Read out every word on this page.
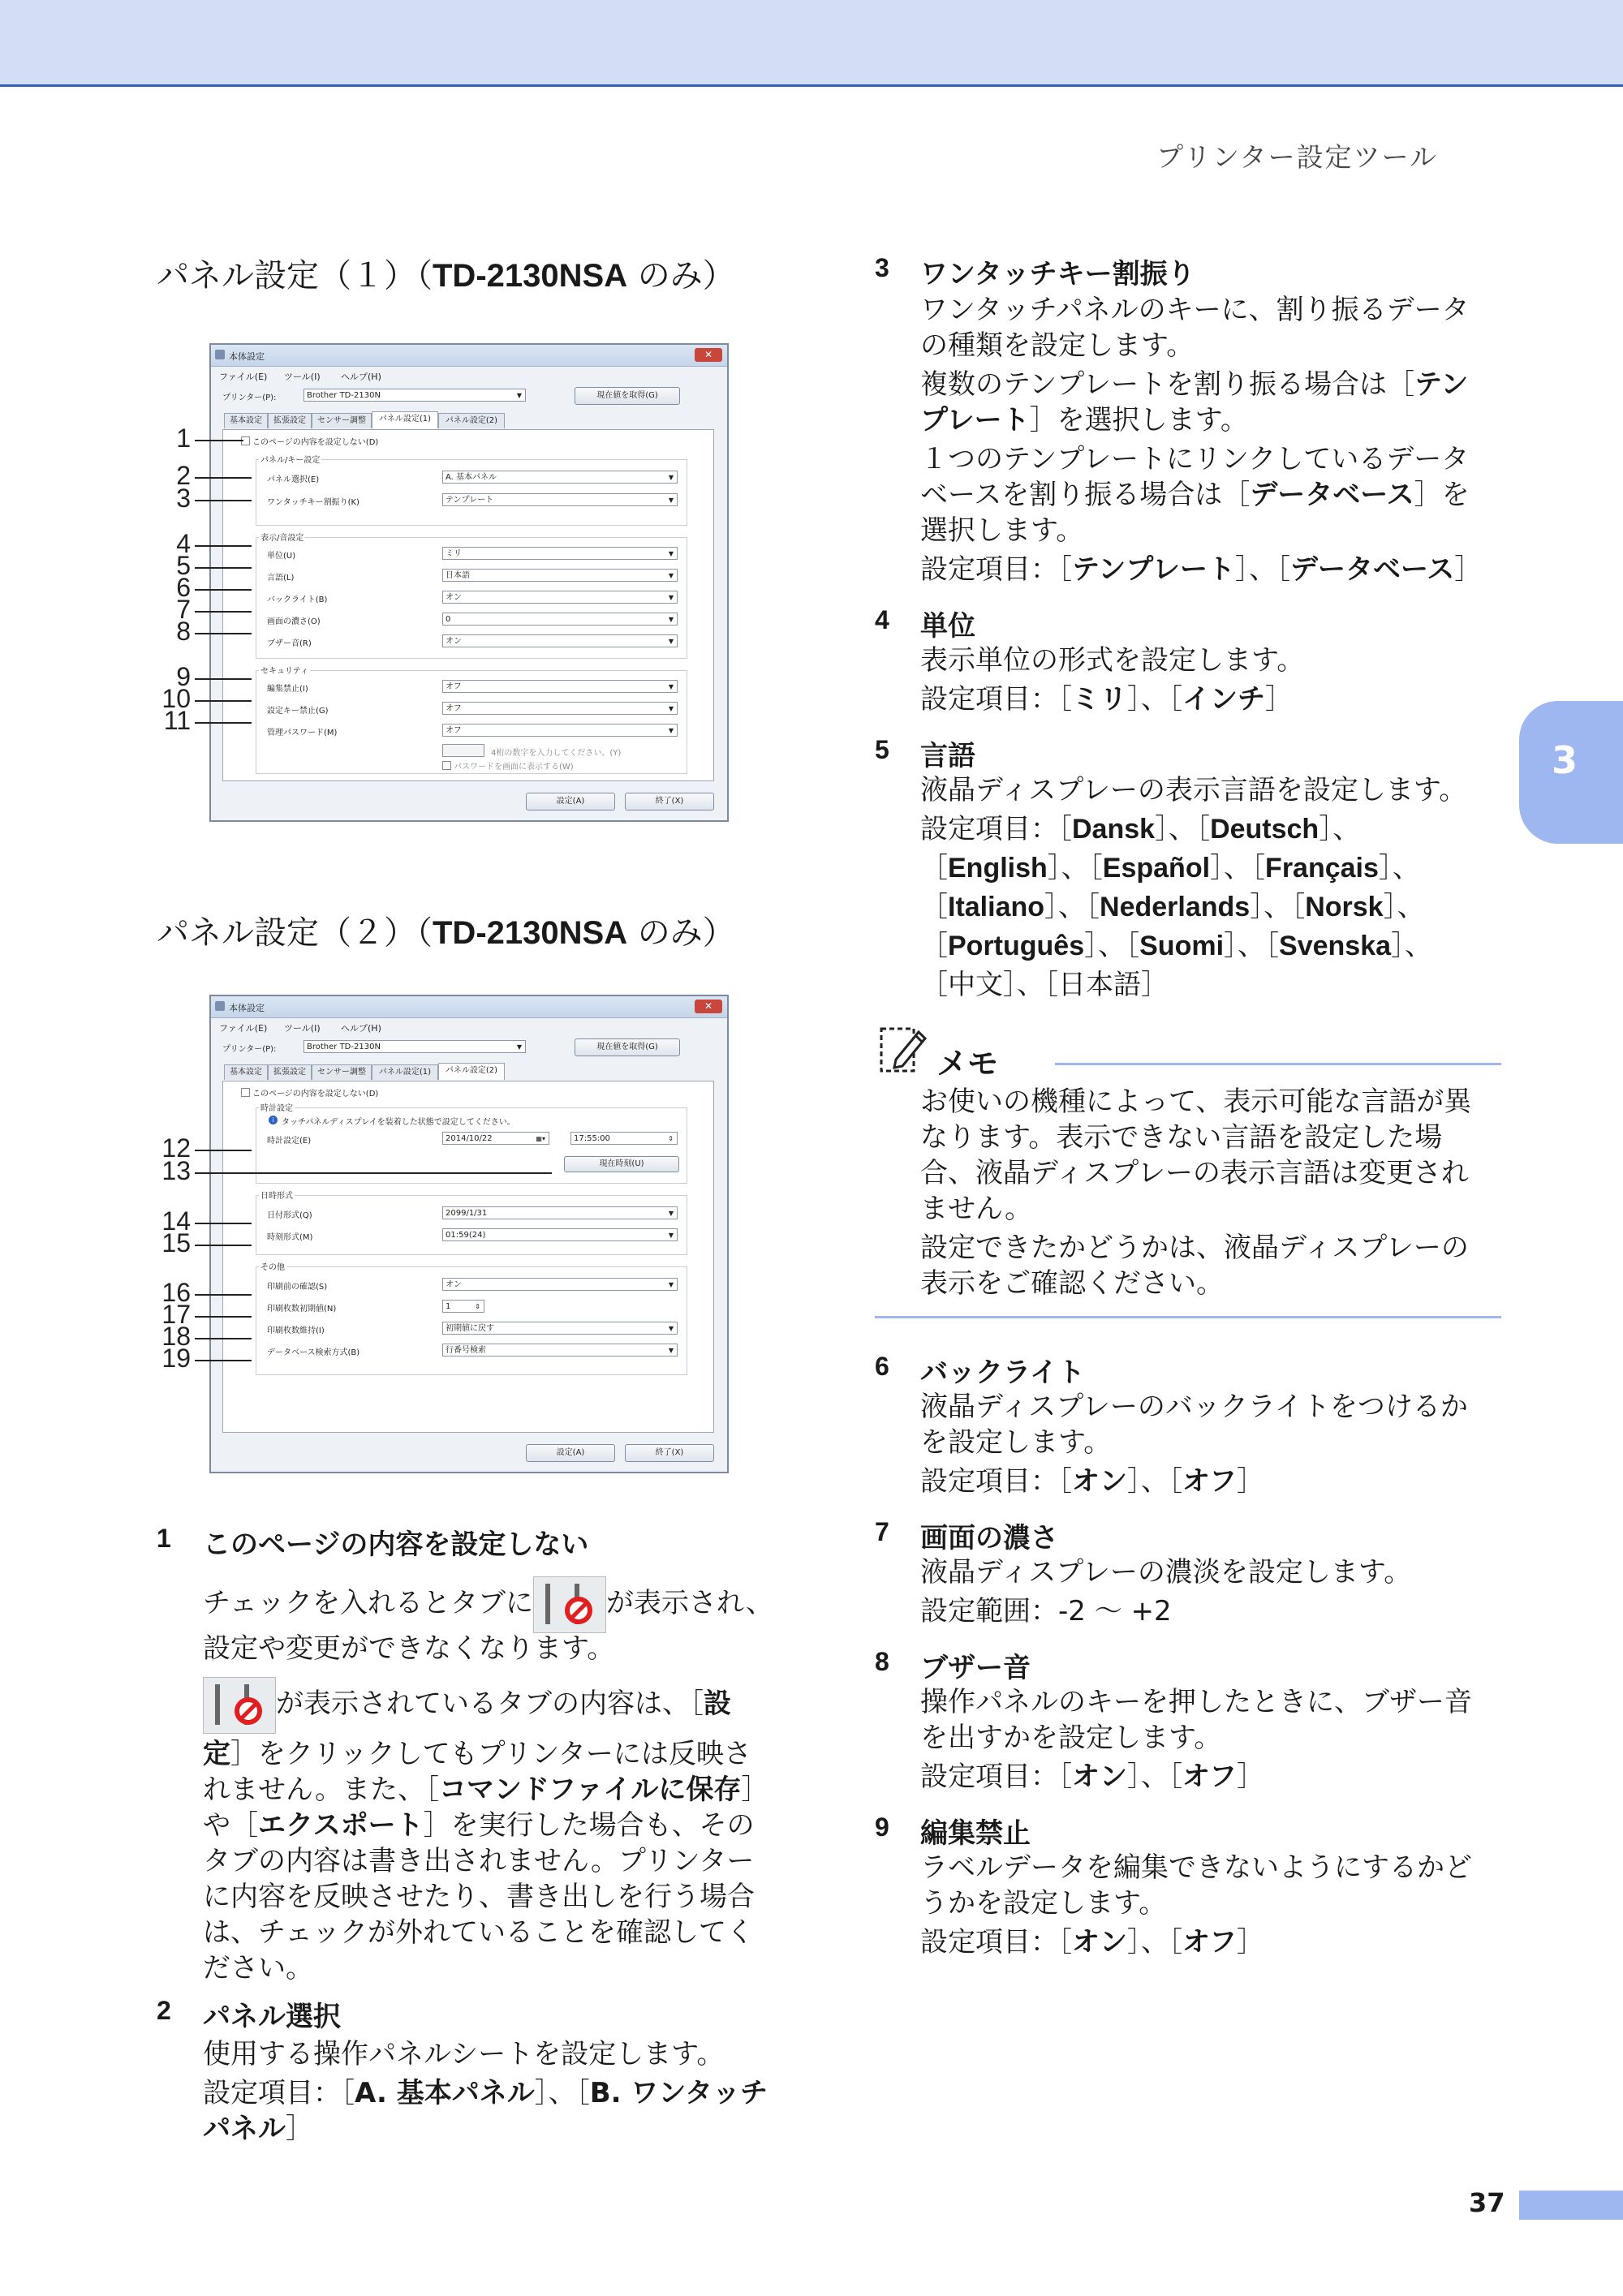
プリンター設定ツール
3
パネル設定（１）（TD-2130NSA のみ）
本体設定	✕
ファイル(E) ツール(I) ヘルプ(H)
プリンター(P):	Brother TD-2130N	▼	現在値を取得(G)
基本設定	拡張設定	センサー調整	パネル設定(1)	パネル設定(2)
このページの内容を設定しない(D)
パネル/キー設定
パネル選択(E)	A. 基本パネル	▼
ワンタッチキー割振り(K)	テンプレート	▼
表示/音設定
単位(U)	ミリ	▼
言語(L)	日本語	▼
バックライト(B)	オン	▼
画面の濃さ(O)	0	▼
ブザー音(R)	オン	▼
セキュリティ
編集禁止(I)	オフ	▼
設定キー禁止(G)	オフ	▼
管理パスワード(M)	オフ	▼
4桁の数字を入力してください。(Y)
パスワードを画面に表示する(W)
設定(A)	終了(X)
1
2
3
4
5
6
7
8
9
10
11
パネル設定（２）（TD-2130NSA のみ）
本体設定	✕
ファイル(E) ツール(I) ヘルプ(H)
プリンター(P):	Brother TD-2130N	▼	現在値を取得(G)
基本設定	拡張設定	センサー調整	パネル設定(1)	パネル設定(2)
このページの内容を設定しない(D)
時計設定
i タッチパネルディスプレイを装着した状態で設定してください。
時計設定(E)	2014/10/22	▦▾	17:55:00	⇕
現在時刻(U)
日時形式
日付形式(Q)	2099/1/31	▼
時刻形式(M)	01:59(24)	▼
その他
印刷前の確認(S)	オン	▼
印刷枚数初期値(N)	1	⇕
印刷枚数維持(I)	初期値に戻す	▼
データベース検索方式(B)	行番号検索	▼
設定(A)	終了(X)
12
13
14
15
16
17
18
19
1 このページの内容を設定しない
チェックを入れるとタブに	が表示され、
設定や変更ができなくなります。
が表示されているタブの内容は、［設
定］をクリックしてもプリンターには反映さ
れません。また、［コマンドファイルに保存］
や［エクスポート］を実行した場合も、その
タブの内容は書き出されません。プリンター
に内容を反映させたり、書き出しを行う場合
は、チェックが外れていることを確認してく
ださい。
2 パネル選択
使用する操作パネルシートを設定します。
設定項目：［A. 基本パネル］、［B. ワンタッチ
パネル］
3 ワンタッチキー割振り
ワンタッチパネルのキーに、割り振るデータ
の種類を設定します。
複数のテンプレートを割り振る場合は［テン
プレート］を選択します。
１つのテンプレートにリンクしているデータ
ベースを割り振る場合は［データベース］を
選択します。
設定項目：［テンプレート］、［データベース］
4 単位
表示単位の形式を設定します。
設定項目：［ミリ］、［インチ］
5 言語
液晶ディスプレーの表示言語を設定します。
設定項目：［Dansk］、［Deutsch］、
［English］、［Español］、［Français］、
［Italiano］、［Nederlands］、［Norsk］、
［Português］、［Suomi］、［Svenska］、
［中文］、［日本語］
メモ
お使いの機種によって、表示可能な言語が異
なります。表示できない言語を設定した場
合、液晶ディスプレーの表示言語は変更され
ません。
設定できたかどうかは、液晶ディスプレーの
表示をご確認ください。
6 バックライト
液晶ディスプレーのバックライトをつけるか
を設定します。
設定項目：［オン］、［オフ］
7 画面の濃さ
液晶ディスプレーの濃淡を設定します。
設定範囲：-2 〜 +2
8 ブザー音
操作パネルのキーを押したときに、ブザー音
を出すかを設定します。
設定項目：［オン］、［オフ］
9 編集禁止
ラベルデータを編集できないようにするかど
うかを設定します。
設定項目：［オン］、［オフ］
37
